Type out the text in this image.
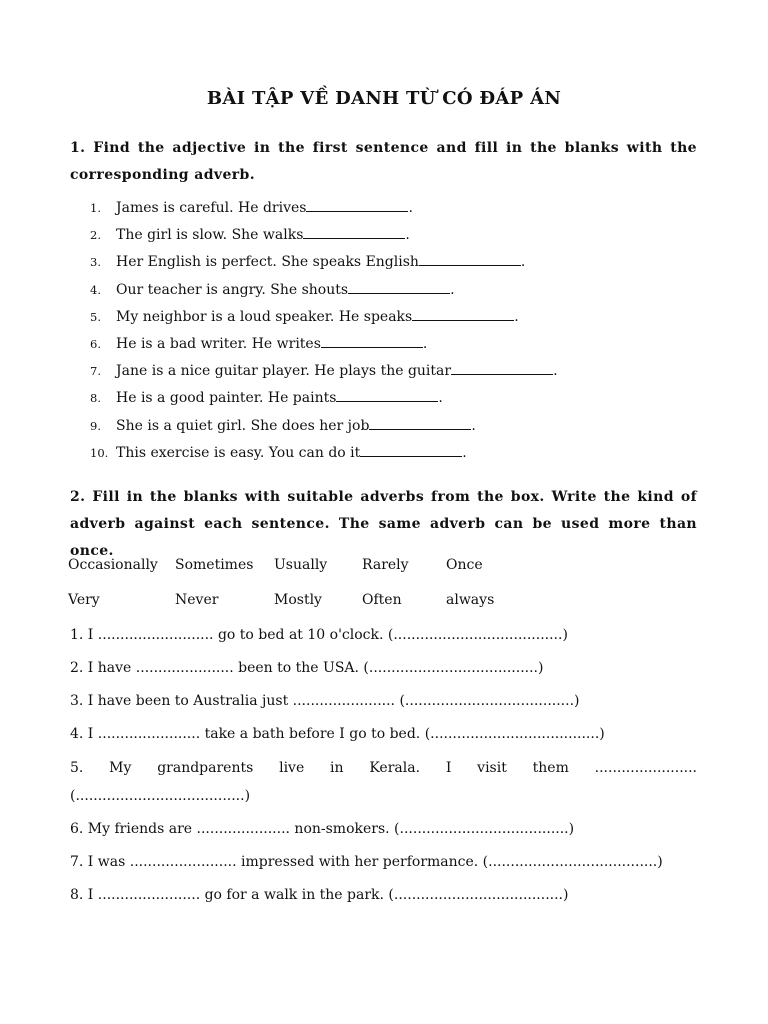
BÀI TẬP VỀ DANH TỪ CÓ ĐÁP ÁN
1. Find the adjective in the first sentence and fill in the blanks with the corresponding adverb.
1. James is careful. He drives	.
2. The girl is slow. She walks	.
3. Her English is perfect. She speaks English	.
4. Our teacher is angry. She shouts	.
5. My neighbor is a loud speaker. He speaks	.
6. He is a bad writer. He writes	.
7. Jane is a nice guitar player. He plays the guitar	.
8. He is a good painter. He paints	.
9. She is a quiet girl. She does her job	.
10. This exercise is easy. You can do it	.
2. Fill in the blanks with suitable adverbs from the box. Write the kind of adverb against each sentence. The same adverb can be used more than once.
Occasionally Sometimes Usually Rarely	Once
Very	Never	Mostly	Often	always
1. I .......................... go to bed at 10 o'clock. (......................................)
2. I have ...................... been to the USA. (......................................)
3. I have been to Australia just ....................... (......................................)
4. I ....................... take a bath before I go to bed. (......................................)
5. My grandparents live in Kerala. I visit them .......................
(......................................)
6. My friends are ..................... non-smokers. (......................................)
7. I was ........................ impressed with her performance. (......................................)
8. I ....................... go for a walk in the park. (......................................)
